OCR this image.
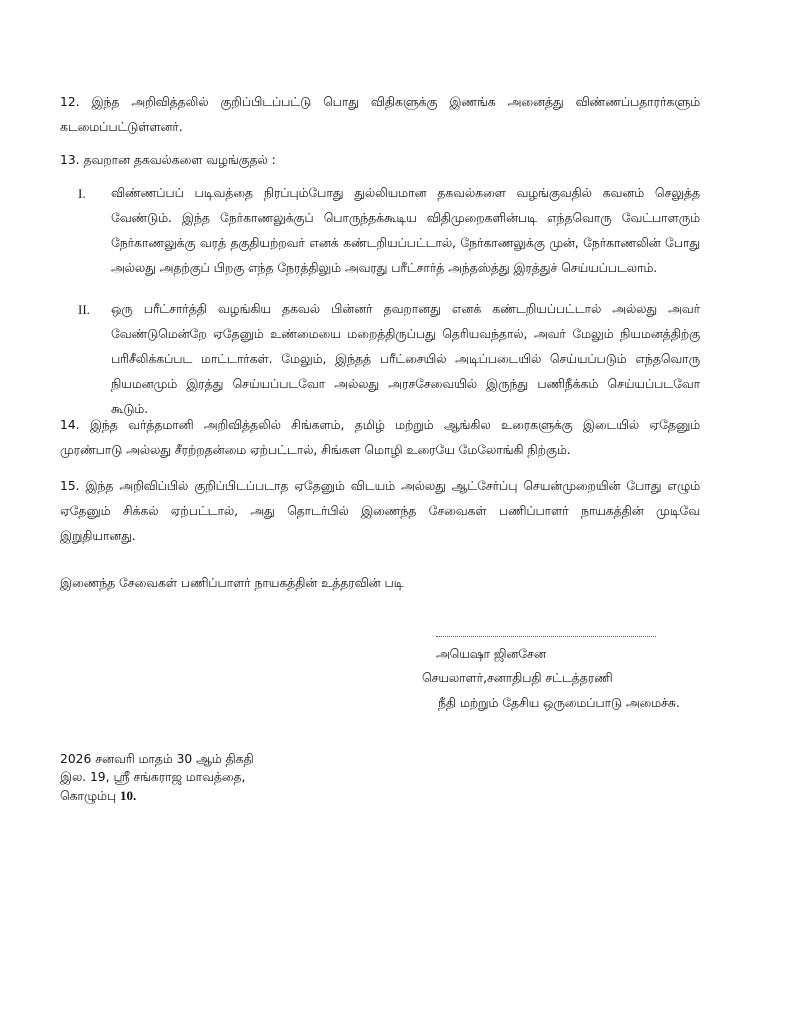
12. இந்த அறிவித்தலில் குறிப்பிடப்பட்டு பொது விதிகளுக்கு இணங்க அனைத்து விண்ணப்பதாரர்களும் கடமைப்பட்டுள்ளனர்.

13. தவறான தகவல்களை வழங்குதல் :

I.	விண்ணப்பப் படிவத்தை நிரப்பும்போது துல்லியமான தகவல்களை வழங்குவதில் கவனம் செலுத்த வேண்டும். இந்த நேர்காணலுக்குப் பொருந்தக்கூடிய விதிமுறைகளின்படி எந்தவொரு வேட்பாளரும் நேர்காணலுக்கு வரத் தகுதியற்றவர் எனக் கண்டறியப்பட்டால், நேர்காணலுக்கு முன், நேர்காணலின் போது அல்லது அதற்குப் பிறகு எந்த நேரத்திலும் அவரது பரீட்சார்த் அந்தஸ்த்து இரத்துச் செய்யப்படலாம்.
II.	ஒரு பரீட்சார்த்தி வழங்கிய தகவல் பின்னர் தவறானது எனக் கண்டறியப்பட்டால் அல்லது அவர் வேண்டுமென்றே ஏதேனும் உண்மையை மறைத்திருப்பது தெரியவந்தால், அவர் மேலும் நியமனத்திற்கு பரிசீலிக்கப்பட மாட்டார்கள். மேலும், இந்தத் பரீட்சையில் அடிப்படையில் செய்யப்படும் எந்தவொரு நியமனமும் இரத்து செய்யப்படவோ அல்லது அரசசேவையில் இருந்து பணிநீக்கம் செய்யப்படவோ கூடும்.

14. இந்த வர்த்தமானி அறிவித்தலில் சிங்களம், தமிழ் மற்றும் ஆங்கில உரைகளுக்கு இடையில் ஏதேனும் முரண்பாடு அல்லது சீரற்றதன்மை ஏற்பட்டால், சிங்கள மொழி உரையே மேலோங்கி நிற்கும்.

15. இந்த அறிவிப்பில் குறிப்பிடப்படாத ஏதேனும் விடயம் அல்லது ஆட்சேர்ப்பு செயன்முறையின் போது எழும் ஏதேனும் சிக்கல் ஏற்பட்டால், அது தொடர்பில் இணைந்த சேவைகள் பணிப்பாளர் நாயகத்தின் முடிவே இறுதியானது.

இணைந்த சேவைகள் பணிப்பாளர் நாயகத்தின் உத்தரவின் படி

அயெஷா ஜினசேன

செயலாளர்,சனாதிபதி சட்டத்தரணி

நீதி மற்றும் தேசிய ஒருமைப்பாடு அமைச்சு.

2026 சனவரி மாதம் 30 ஆம் திகதி

இல. 19, ஸ்ரீ சங்கராஜ மாவத்தை,

கொழும்பு 10.
